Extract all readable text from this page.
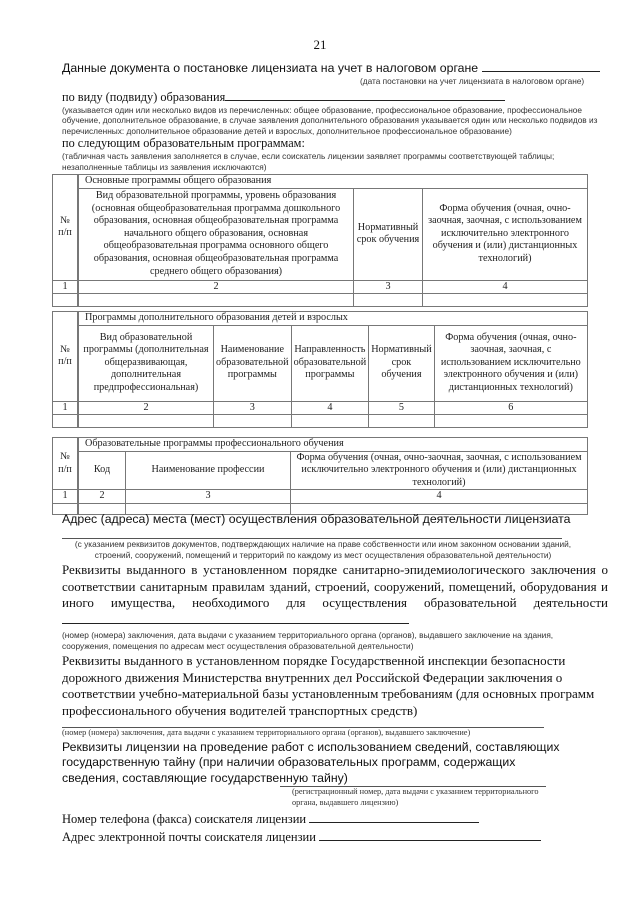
21
Данные документа о постановке лицензиата на учет в налоговом органе
(дата постановки на учет лицензиата в налоговом органе)
по виду (подвиду) образования
(указывается один или несколько видов из перечисленных: общее образование, профессиональное образование, профессиональное обучение, дополнительное образование, в случае заявления дополнительного образования указывается один или несколько подвидов из перечисленных: дополнительное образование детей и взрослых, дополнительное профессиональное образование)
по следующим образовательным программам:
(табличная часть заявления заполняется в случае, если соискатель лицензии заявляет программы соответствующей таблицы; незаполненные таблицы из заявления исключаются)
№ п/п	Основные программы общего образования		
	Вид образовательной программы, уровень образования (основная общеобразовательная программа дошкольного образования, основная общеобразовательная программа начального общего образования, основная общеобразовательная программа основного общего образования, основная общеобразовательная программа среднего общего образования)	Нормативный срок обучения	Форма обучения (очная, очно-заочная, заочная, с использованием исключительно электронного обучения и (или) дистанционных технологий)
1	2	3	4

№ п/п	Программы дополнительного образования детей и взрослых				
	Вид образовательной программы (дополнительная общеразвивающая, дополнительная предпрофессиональная)	Наименование образовательной программы	Направленность образовательной программы	Нормативный срок обучения	Форма обучения (очная, очно-заочная, заочная, с использованием исключительно электронного обучения и (или) дистанционных технологий)
1	2	3	4	5	6

№ п/п	Образовательные программы профессионального обучения		
	Код	Наименование профессии	Форма обучения (очная, очно-заочная, заочная, с использованием исключительно электронного обучения и (или) дистанционных технологий)
1	2	3	4

Адрес (адреса) места (мест) осуществления образовательной деятельности лицензиата
(с указанием реквизитов документов, подтверждающих наличие на праве собственности или ином законном основании зданий, строений, сооружений, помещений и территорий по каждому из мест осуществления образовательной деятельности)
Реквизиты выданного в установленном порядке санитарно-эпидемиологического заключения о соответствии санитарным правилам зданий, строений, сооружений, помещений, оборудования и иного имущества, необходимого для осуществления образовательной деятельности
(номер (номера) заключения, дата выдачи с указанием территориального органа (органов), выдавшего заключение на здания, сооружения, помещения по адресам мест осуществления образовательной деятельности)
Реквизиты выданного в установленном порядке Государственной инспекции безопасности дорожного движения Министерства внутренних дел Российской Федерации заключения о соответствии учебно-материальной базы установленным требованиям (для основных программ профессионального обучения водителей транспортных средств)
(номер (номера) заключения, дата выдачи с указанием территориального органа (органов), выдавшего заключение)
Реквизиты лицензии на проведение работ с использованием сведений, составляющих государственную тайну (при наличии образовательных программ, содержащих сведения, составляющие государственную тайну)
(регистрационный номер, дата выдачи с указанием территориального органа, выдавшего лицензию)
Номер телефона (факса) соискателя лицензии
Адрес электронной почты соискателя лицензии
